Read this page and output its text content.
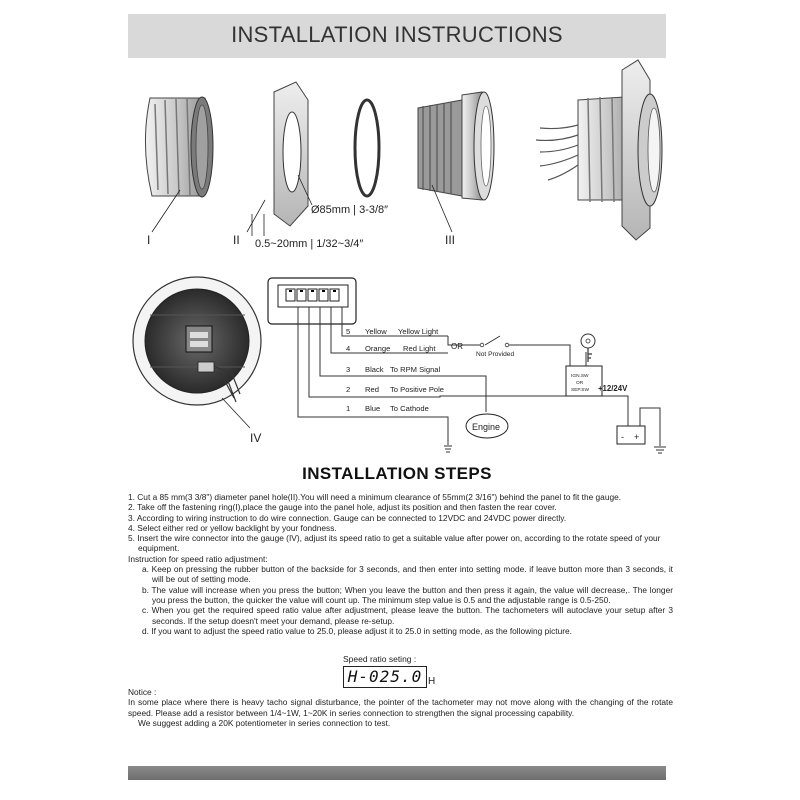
INSTALLATION INSTRUCTIONS
I	II
Ø85mm | 3-3/8″
0.5~20mm | 1/32~3/4″	III
IV
5 Yellow Yellow Light
4 Orange Red Light
3 Black To RPM Signal
2 Red To Positive Pole
1 Blue To Cathode
OR
Not Provided
IGN.SW
OR
SEP.SW +12/24V
- +
Engine
INSTALLATION STEPS

1. Cut a 85 mm(3 3/8") diameter panel hole(II).You will need a minimum clearance of 55mm(2 3/16") behind the panel to fit the gauge.

2. Take off the fastening ring(I),place the gauge into the panel hole, adjust its position and then fasten the rear cover.

3. According to wiring instruction to do wire connection. Gauge can be connected to 12VDC and 24VDC power directly.

4. Select either red or yellow backlight by your fondness.

5. Insert the wire connector into the gauge (IV), adjust its speed ratio to get a suitable value after power on, according to the rotate speed of your equipment.

Instruction for speed ratio adjustment:

a. Keep on pressing the rubber button of the backside for 3 seconds, and then enter into setting mode. if leave button more than 3 seconds, it will be out of setting mode.

b. The value will increase when you press the button; When you leave the button and then press it again, the value will decrease,. The longer you press the button, the quicker the value will count up. The minimum step value is 0.5 and the adjustable range is 0.5-250.

c. When you get the required speed ratio value after adjustment, please leave the button. The tachometers will autoclave your setup after 3 seconds. If the setup doesn't meet your demand, please re-setup.

d. If you want to adjust the speed ratio value to 25.0, please adjust it to 25.0 in setting mode, as the following picture.

Speed ratio seting :
H-025.0 H

Notice :

In some place where there is heavy tacho signal disturbance, the pointer of the tachometer may not move along with the changing of the rotate speed. Please add a resistor between 1/4~1W, 1~20K in series connection to strengthen the signal processing capability.

We suggest adding a 20K potentiometer in series connection to test.
